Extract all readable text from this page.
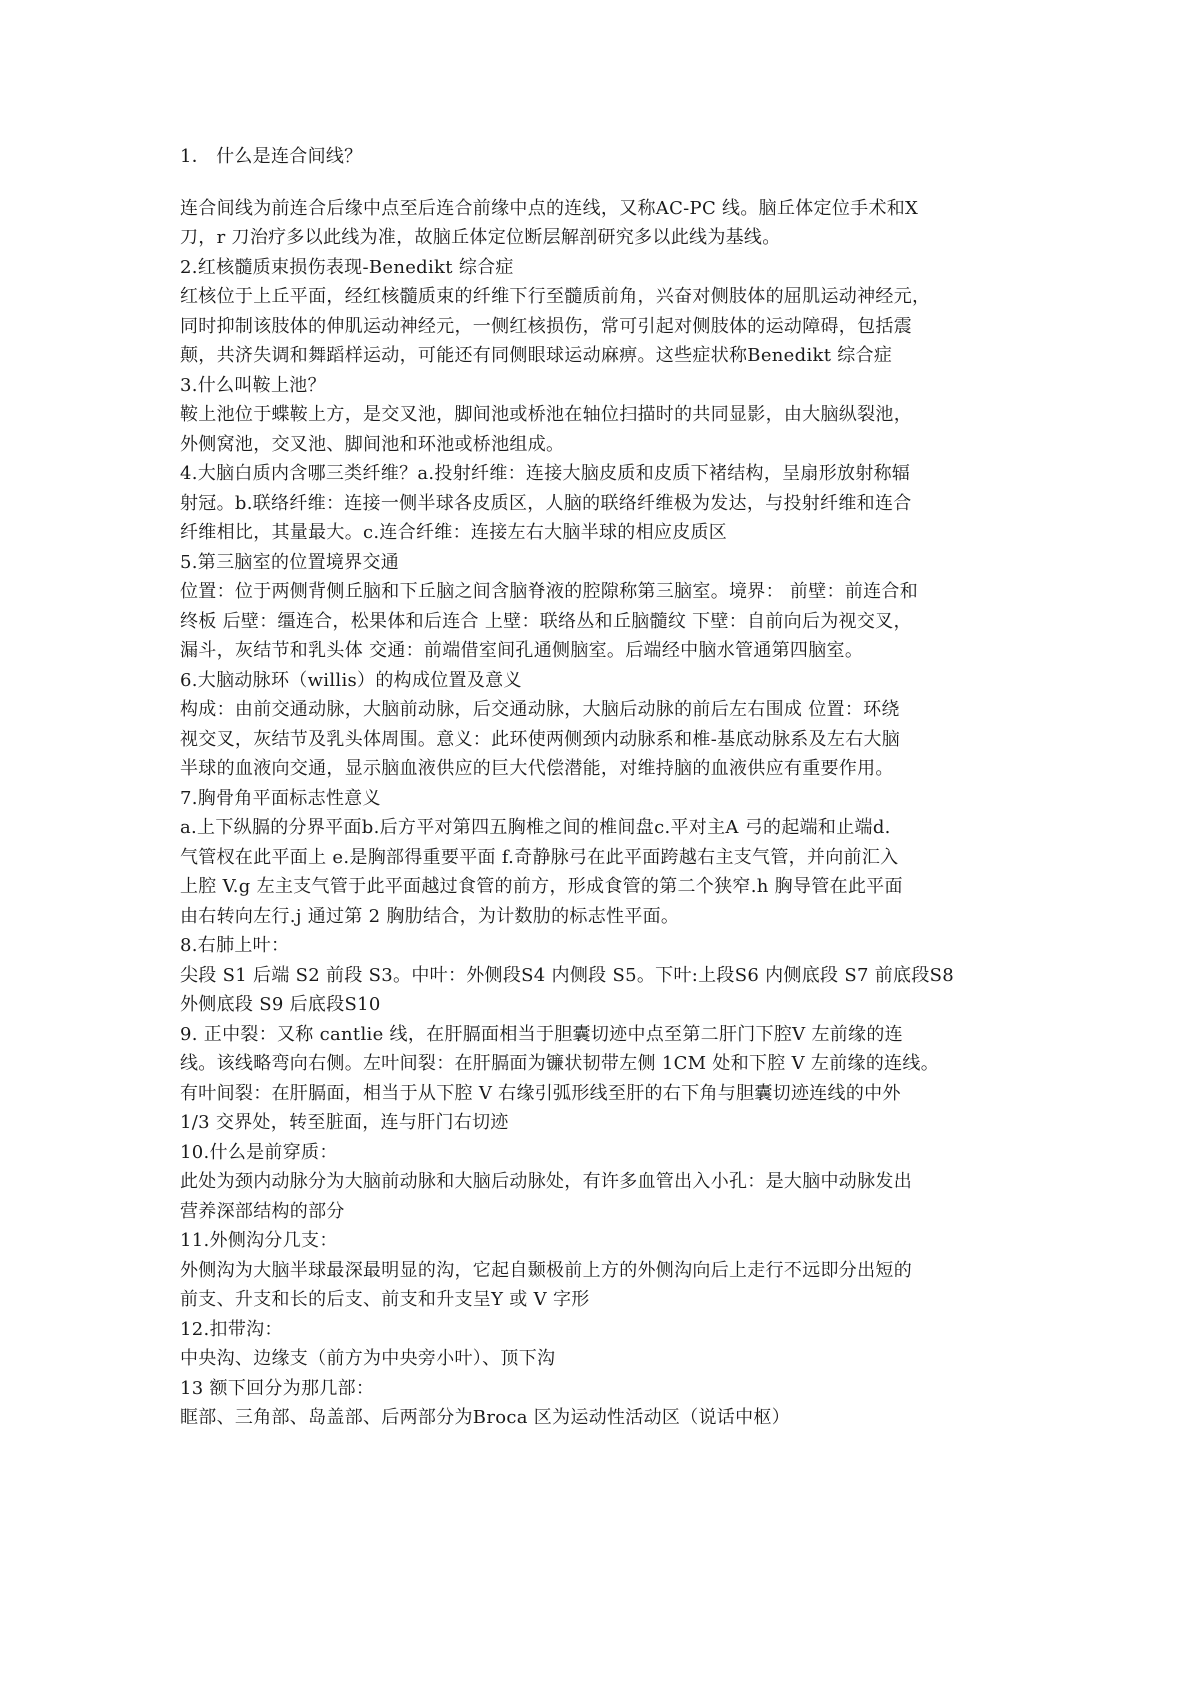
1． 什么是连合间线？
连合间线为前连合后缘中点至后连合前缘中点的连线，又称AC-PC 线。脑丘体定位手术和X
刀，r 刀治疗多以此线为准，故脑丘体定位断层解剖研究多以此线为基线。
2.红核髓质束损伤表现-Benedikt 综合症
红核位于上丘平面，经红核髓质束的纤维下行至髓质前角，兴奋对侧肢体的屈肌运动神经元，
同时抑制该肢体的伸肌运动神经元，一侧红核损伤，常可引起对侧肢体的运动障碍，包括震
颠，共济失调和舞蹈样运动，可能还有同侧眼球运动麻痹。这些症状称Benedikt 综合症
3.什么叫鞍上池？
鞍上池位于蝶鞍上方，是交叉池，脚间池或桥池在轴位扫描时的共同显影，由大脑纵裂池，
外侧窝池，交叉池、脚间池和环池或桥池组成。
4.大脑白质内含哪三类纤维？a.投射纤维：连接大脑皮质和皮质下褚结构，呈扇形放射称辐
射冠。b.联络纤维：连接一侧半球各皮质区，人脑的联络纤维极为发达，与投射纤维和连合
纤维相比，其量最大。c.连合纤维：连接左右大脑半球的相应皮质区
5.第三脑室的位置境界交通
位置：位于两侧背侧丘脑和下丘脑之间含脑脊液的腔隙称第三脑室。境界： 前壁：前连合和
终板 后壁：缰连合，松果体和后连合 上壁：联络丛和丘脑髓纹 下壁：自前向后为视交叉，
漏斗，灰结节和乳头体 交通：前端借室间孔通侧脑室。后端经中脑水管通第四脑室。
6.大脑动脉环（willis）的构成位置及意义
构成：由前交通动脉，大脑前动脉，后交通动脉，大脑后动脉的前后左右围成 位置：环绕
视交叉，灰结节及乳头体周围。意义：此环使两侧颈内动脉系和椎-基底动脉系及左右大脑
半球的血液向交通，显示脑血液供应的巨大代偿潜能，对维持脑的血液供应有重要作用。
7.胸骨角平面标志性意义
a.上下纵膈的分界平面b.后方平对第四五胸椎之间的椎间盘c.平对主A 弓的起端和止端d.
气管杈在此平面上 e.是胸部得重要平面 f.奇静脉弓在此平面跨越右主支气管，并向前汇入
上腔 V.g 左主支气管于此平面越过食管的前方，形成食管的第二个狭窄.h 胸导管在此平面
由右转向左行.j 通过第 2 胸肋结合，为计数肋的标志性平面。
8.右肺上叶：
尖段 S1 后端 S2 前段 S3。中叶：外侧段S4 内侧段 S5。下叶:上段S6 内侧底段 S7 前底段S8
外侧底段 S9 后底段S10
9. 正中裂：又称 cantlie 线，在肝膈面相当于胆囊切迹中点至第二肝门下腔V 左前缘的连
线。该线略弯向右侧。左叶间裂：在肝膈面为镰状韧带左侧 1CM 处和下腔 V 左前缘的连线。
有叶间裂：在肝膈面，相当于从下腔 V 右缘引弧形线至肝的右下角与胆囊切迹连线的中外
1/3 交界处，转至脏面，连与肝门右切迹
10.什么是前穿质：
此处为颈内动脉分为大脑前动脉和大脑后动脉处，有许多血管出入小孔：是大脑中动脉发出
营养深部结构的部分
11.外侧沟分几支：
外侧沟为大脑半球最深最明显的沟，它起自颞极前上方的外侧沟向后上走行不远即分出短的
前支、升支和长的后支、前支和升支呈Y 或 V 字形
12.扣带沟：
中央沟、边缘支（前方为中央旁小叶）、顶下沟
13 额下回分为那几部：
眶部、三角部、岛盖部、后两部分为Broca 区为运动性活动区（说话中枢）
